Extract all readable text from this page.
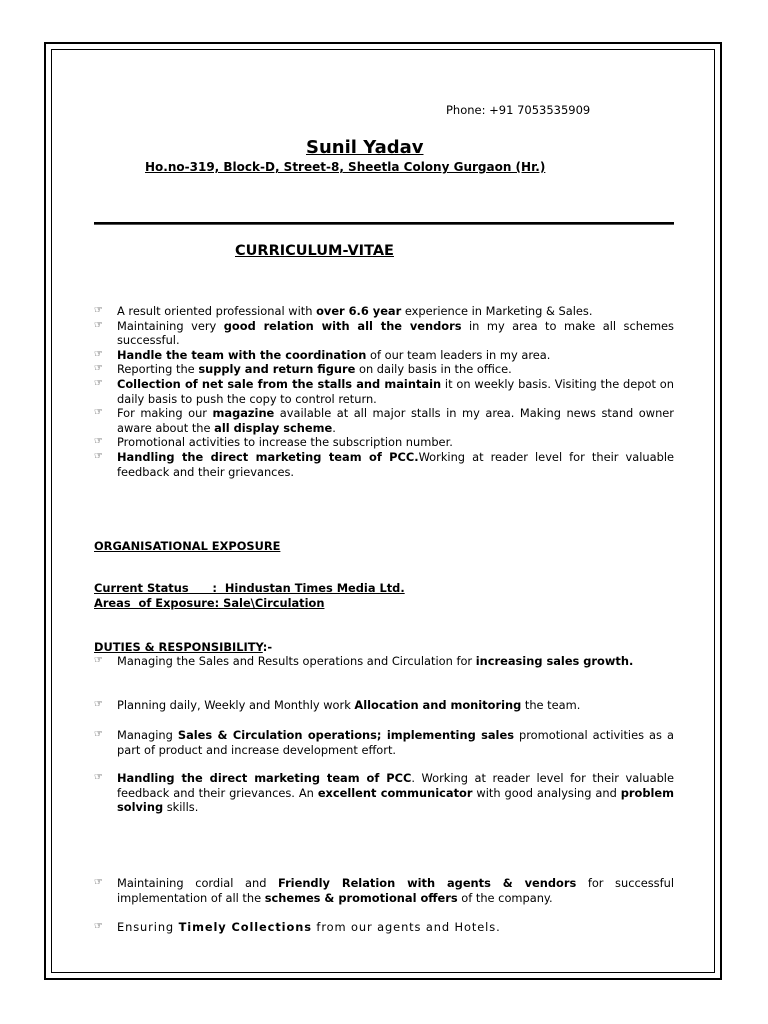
Phone: +91 7053535909
Sunil Yadav
Ho.no-319, Block-D, Street-8, Sheetla Colony Gurgaon (Hr.)
CURRICULUM-VITAE
☞ A result oriented professional with over 6.6 year experience in Marketing & Sales.
☞ Maintaining very good relation with all the vendors in my area to make all schemes successful.
☞ Handle the team with the coordination of our team leaders in my area.
☞ Reporting the supply and return figure on daily basis in the office.
☞ Collection of net sale from the stalls and maintain it on weekly basis. Visiting the depot on daily basis to push the copy to control return.
☞ For making our magazine available at all major stalls in my area. Making news stand owner aware about the all display scheme.
☞ Promotional activities to increase the subscription number.
☞ Handling the direct marketing team of PCC.Working at reader level for their valuable feedback and their grievances.
ORGANISATIONAL EXPOSURE
Current Status      :  Hindustan Times Media Ltd.
Areas  of Exposure: Sale\Circulation
DUTIES & RESPONSIBILITY:-
☞ Managing the Sales and Results operations and Circulation for increasing sales growth.
☞ Planning daily, Weekly and Monthly work Allocation and monitoring the team.
☞ Managing Sales & Circulation operations; implementing sales promotional activities as a part of product and increase development effort.
☞ Handling the direct marketing team of PCC. Working at reader level for their valuable feedback and their grievances. An excellent communicator with good analysing and problem solving skills.
☞ Maintaining cordial and Friendly Relation with agents & vendors for successful implementation of all the schemes & promotional offers of the company.
☞ Ensuring Timely Collections from our agents and Hotels.
